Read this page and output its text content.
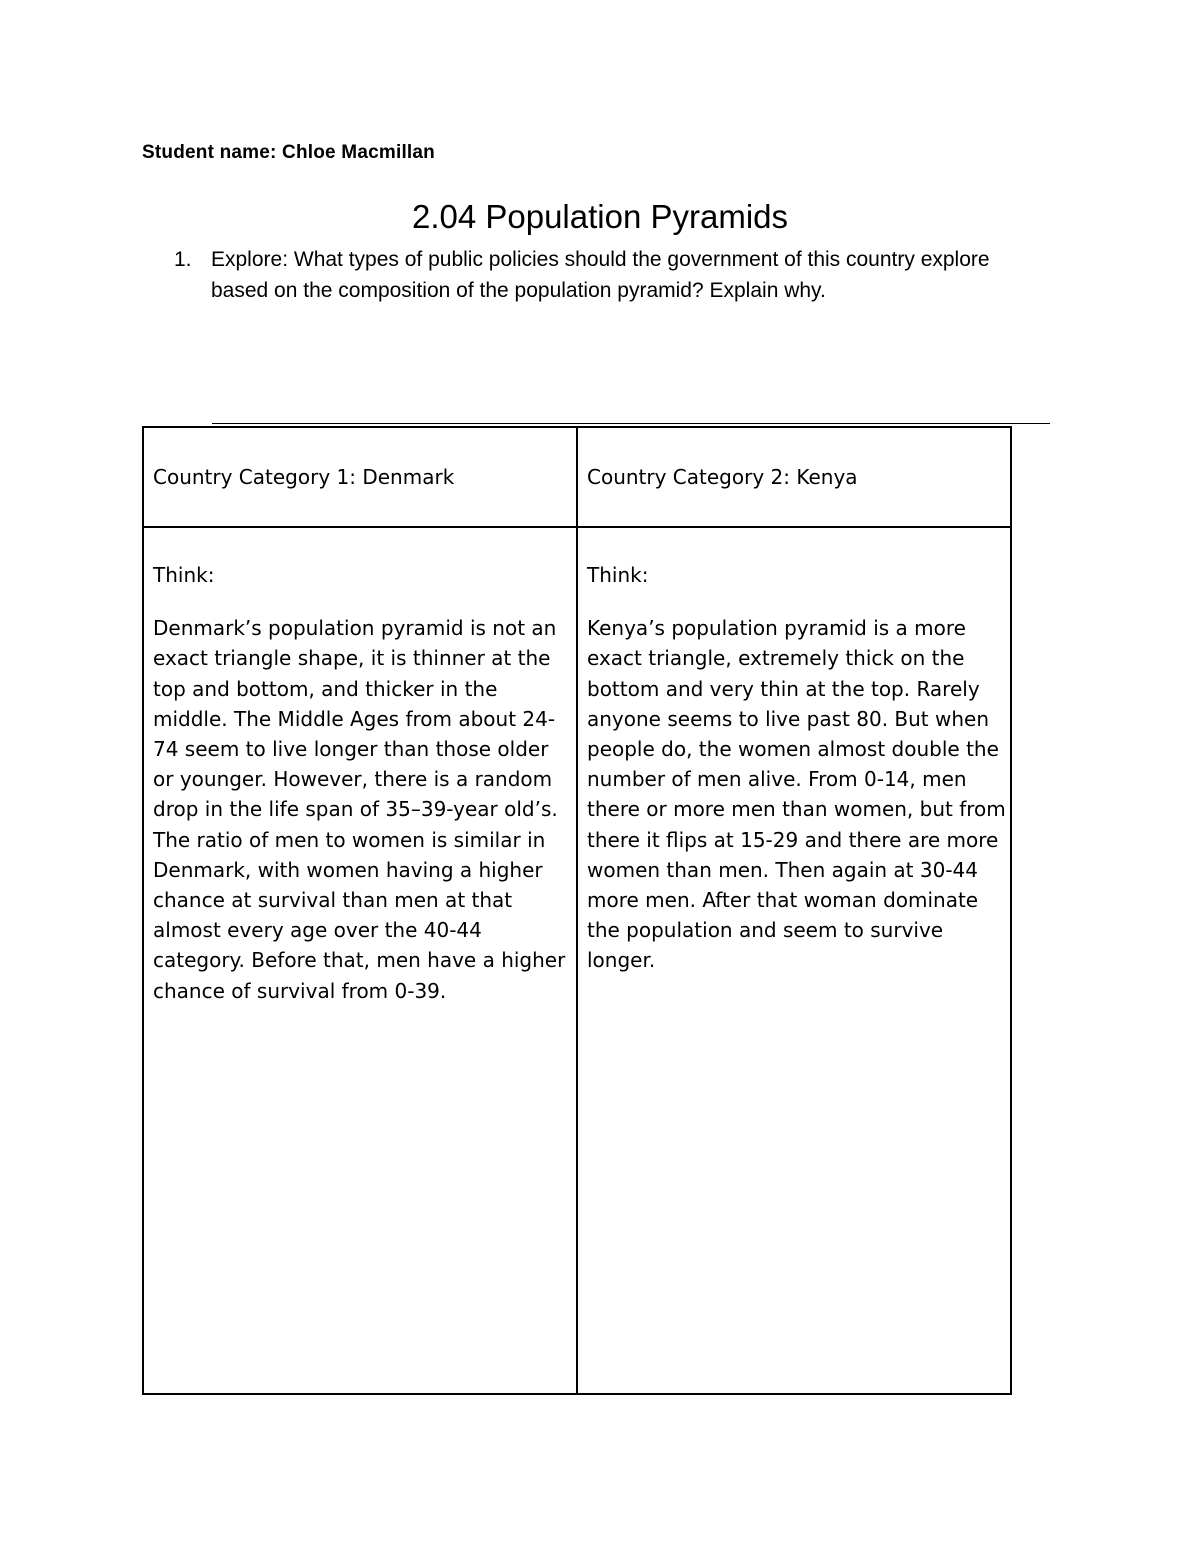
Student name: Chloe Macmillan
2.04 Population Pyramids
1. Explore: What types of public policies should the government of this country explore based on the composition of the population pyramid? Explain why.
Country Category 1: Denmark	Country Category 2: Kenya
Think:
Denmark’s population pyramid is not an exact triangle shape, it is thinner at the top and bottom, and thicker in the middle. The Middle Ages from about 24-74 seem to live longer than those older or younger. However, there is a random drop in the life span of 35–39-year old’s. The ratio of men to women is similar in Denmark, with women having a higher chance at survival than men at that almost every age over the 40-44 category. Before that, men have a higher chance of survival from 0-39.
Think:
Kenya’s population pyramid is a more exact triangle, extremely thick on the bottom and very thin at the top. Rarely anyone seems to live past 80. But when people do, the women almost double the number of men alive. From 0-14, men there or more men than women, but from there it flips at 15-29 and there are more women than men. Then again at 30-44 more men. After that woman dominate the population and seem to survive longer.
